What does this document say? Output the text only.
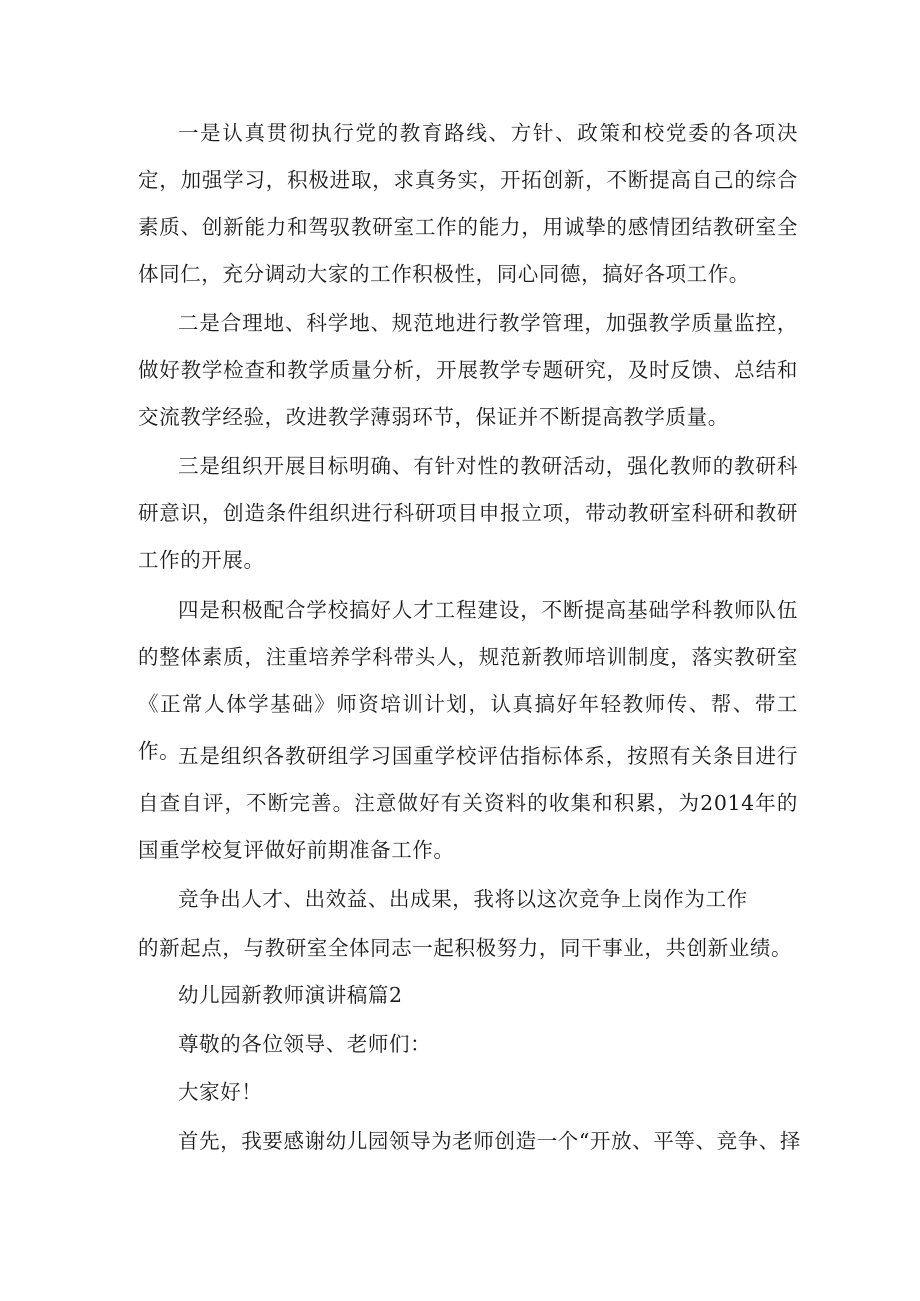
一是认真贯彻执行党的教育路线、方针、政策和校党委的各项决定，加强学习，积极进取，求真务实，开拓创新，不断提高自己的综合素质、创新能力和驾驭教研室工作的能力，用诚挚的感情团结教研室全体同仁，充分调动大家的工作积极性，同心同德，搞好各项工作。

二是合理地、科学地、规范地进行教学管理，加强教学质量监控，做好教学检查和教学质量分析，开展教学专题研究，及时反馈、总结和交流教学经验，改进教学薄弱环节，保证并不断提高教学质量。

三是组织开展目标明确、有针对性的教研活动，强化教师的教研科研意识，创造条件组织进行科研项目申报立项，带动教研室科研和教研工作的开展。

四是积极配合学校搞好人才工程建设，不断提高基础学科教师队伍的整体素质，注重培养学科带头人，规范新教师培训制度，落实教研室《正常人体学基础》师资培训计划，认真搞好年轻教师传、帮、带工作。

五是组织各教研组学习国重学校评估指标体系，按照有关条目进行自查自评，不断完善。注意做好有关资料的收集和积累，为2014年的国重学校复评做好前期准备工作。

竞争出人才、出效益、出成果，我将以这次竞争上岗作为工作

的新起点，与教研室全体同志一起积极努力，同干事业，共创新业绩。

幼儿园新教师演讲稿篇2

尊敬的各位领导、老师们：

大家好！

首先，我要感谢幼儿园领导为老师创造一个“开放、平等、竞争、择
